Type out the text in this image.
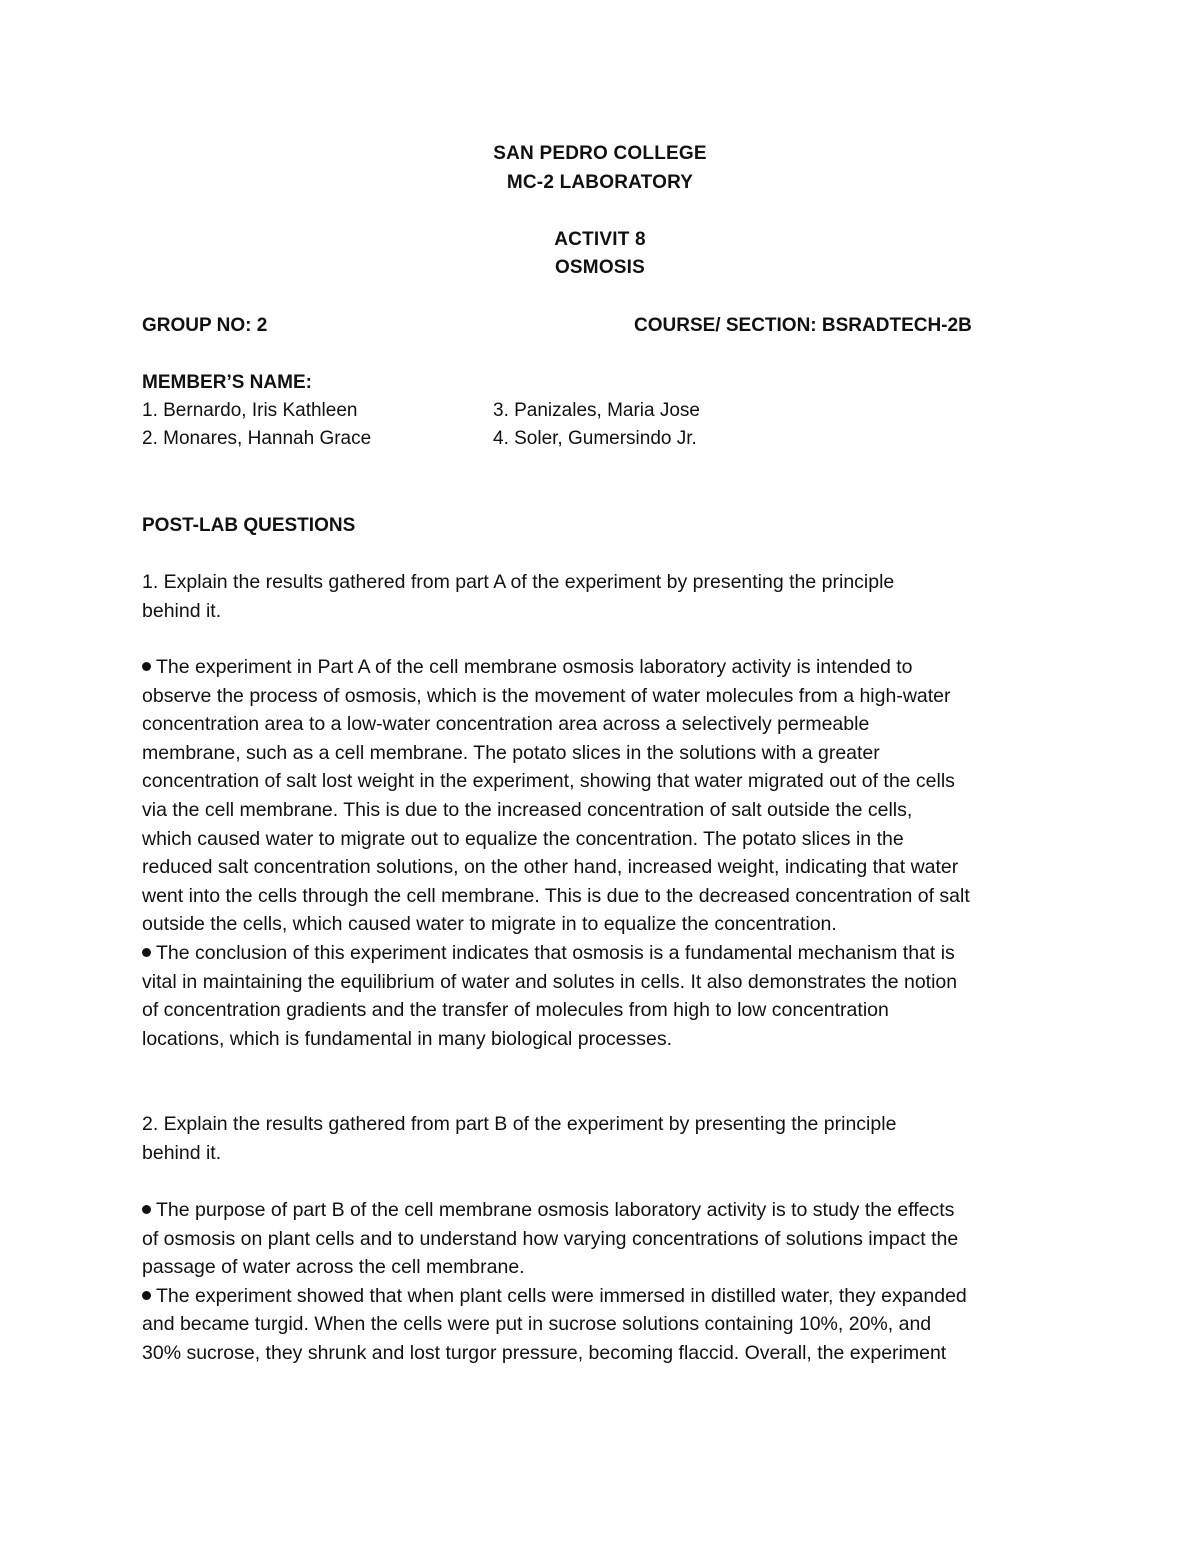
SAN PEDRO COLLEGE
MC-2 LABORATORY
ACTIVIT 8
OSMOSIS
GROUP NO: 2	COURSE/ SECTION: BSRADTECH-2B
MEMBER’S NAME:
1. Bernardo, Iris Kathleen
2. Monares, Hannah Grace
3. Panizales, Maria Jose
4. Soler, Gumersindo Jr.
POST-LAB QUESTIONS
1. Explain the results gathered from part A of the experiment by presenting the principle
behind it.
The experiment in Part A of the cell membrane osmosis laboratory activity is intended to
observe the process of osmosis, which is the movement of water molecules from a high-water
concentration area to a low-water concentration area across a selectively permeable
membrane, such as a cell membrane. The potato slices in the solutions with a greater
concentration of salt lost weight in the experiment, showing that water migrated out of the cells
via the cell membrane. This is due to the increased concentration of salt outside the cells,
which caused water to migrate out to equalize the concentration. The potato slices in the
reduced salt concentration solutions, on the other hand, increased weight, indicating that water
went into the cells through the cell membrane. This is due to the decreased concentration of salt
outside the cells, which caused water to migrate in to equalize the concentration.
The conclusion of this experiment indicates that osmosis is a fundamental mechanism that is
vital in maintaining the equilibrium of water and solutes in cells. It also demonstrates the notion
of concentration gradients and the transfer of molecules from high to low concentration
locations, which is fundamental in many biological processes.
2. Explain the results gathered from part B of the experiment by presenting the principle
behind it.
The purpose of part B of the cell membrane osmosis laboratory activity is to study the effects
of osmosis on plant cells and to understand how varying concentrations of solutions impact the
passage of water across the cell membrane.
The experiment showed that when plant cells were immersed in distilled water, they expanded
and became turgid. When the cells were put in sucrose solutions containing 10%, 20%, and
30% sucrose, they shrunk and lost turgor pressure, becoming flaccid. Overall, the experiment
